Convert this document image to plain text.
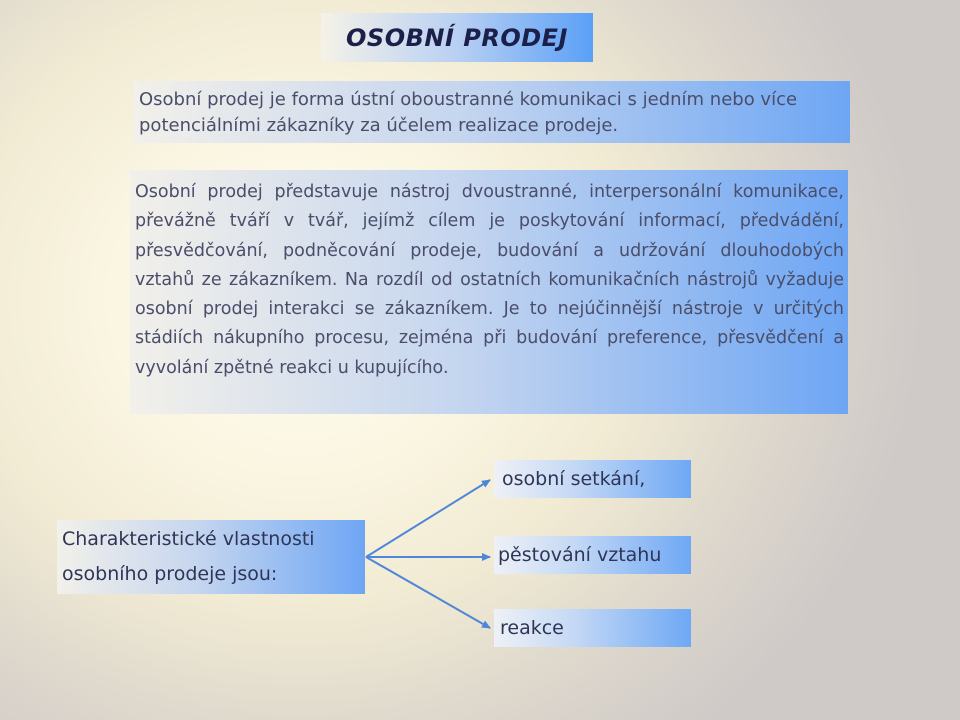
OSOBNÍ PRODEJ
Osobní prodej je forma ústní oboustranné komunikaci s jedním nebo více potenciálními zákazníky za účelem realizace prodeje.

Osobní prodej představuje nástroj dvoustranné, interpersonální komunikace, převážně tváří v tvář, jejímž cílem je poskytování informací, předvádění, přesvědčování, podněcování prodeje, budování a udržování dlouhodobých vztahů ze zákazníkem. Na rozdíl od ostatních komunikačních nástrojů vyžaduje osobní prodej interakci se zákazníkem. Je to nejúčinnější nástroje v určitých stádiích nákupního procesu, zejména při budování preference, přesvědčení a vyvolání zpětné reakci u kupujícího.

Charakteristické vlastnosti osobního prodeje jsou:
osobní setkání,
pěstování vztahu
reakce
